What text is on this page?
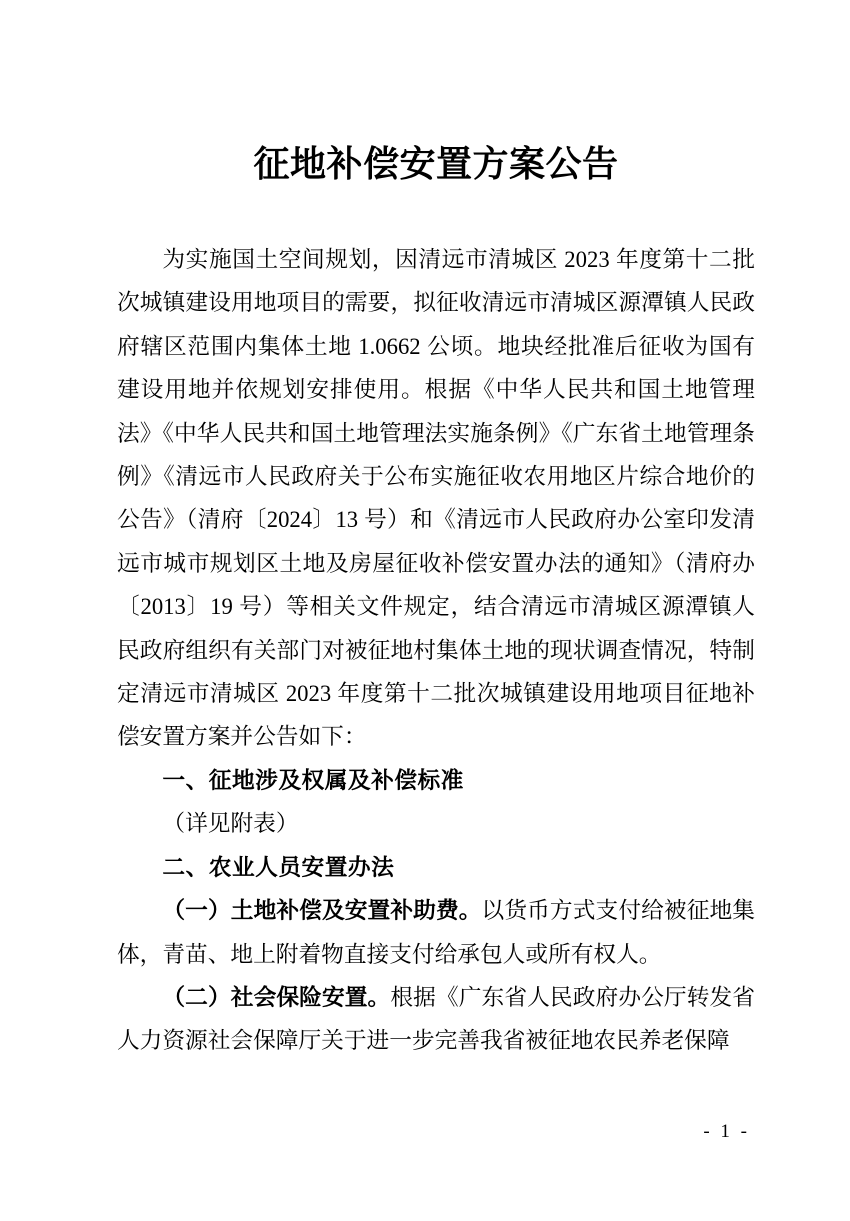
征地补偿安置方案公告

为实施国土空间规划，因清远市清城区 2023 年度第十二批次城镇建设用地项目的需要，拟征收清远市清城区源潭镇人民政府辖区范围内集体土地 1.0662 公顷。地块经批准后征收为国有建设用地并依规划安排使用。根据《中华人民共和国土地管理法》《中华人民共和国土地管理法实施条例》《广东省土地管理条例》《清远市人民政府关于公布实施征收农用地区片综合地价的公告》（清府〔2024〕13 号）和《清远市人民政府办公室印发清远市城市规划区土地及房屋征收补偿安置办法的通知》（清府办〔2013〕19 号）等相关文件规定，结合清远市清城区源潭镇人民政府组织有关部门对被征地村集体土地的现状调查情况，特制定清远市清城区 2023 年度第十二批次城镇建设用地项目征地补偿安置方案并公告如下：

一、征地涉及权属及补偿标准

（详见附表）

二、农业人员安置办法

（一）土地补偿及安置补助费。以货币方式支付给被征地集体，青苗、地上附着物直接支付给承包人或所有权人。

（二）社会保险安置。根据《广东省人民政府办公厅转发省人力资源社会保障厅关于进一步完善我省被征地农民养老保障

- 1 -
